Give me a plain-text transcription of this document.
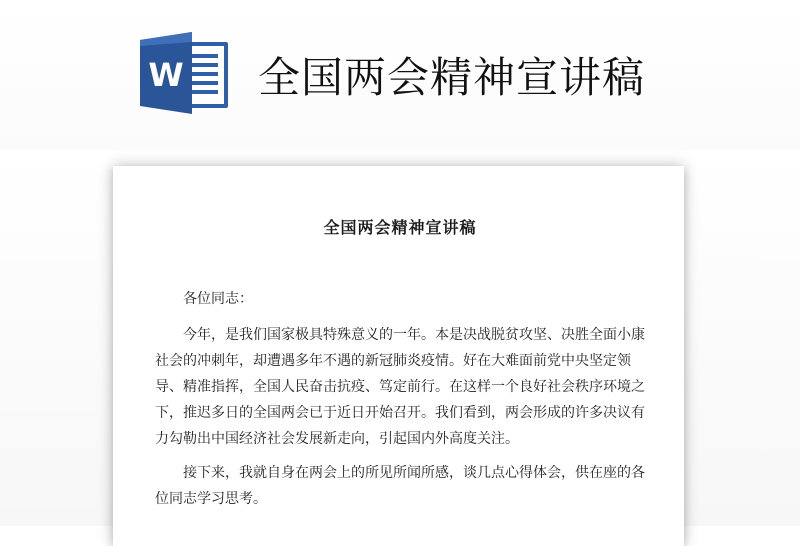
W 全国两会精神宣讲稿
全国两会精神宣讲稿
各位同志：
今年，是我们国家极具特殊意义的一年。本是决战脱贫攻坚、决胜全面小康社会的冲刺年，却遭遇多年不遇的新冠肺炎疫情。好在大难面前党中央坚定领导、精准指挥，全国人民奋击抗疫、笃定前行。在这样一个良好社会秩序环境之下，推迟多日的全国两会已于近日开始召开。我们看到，两会形成的许多决议有力勾勒出中国经济社会发展新走向，引起国内外高度关注。
接下来，我就自身在两会上的所见所闻所感，谈几点心得体会，供在座的各位同志学习思考。
